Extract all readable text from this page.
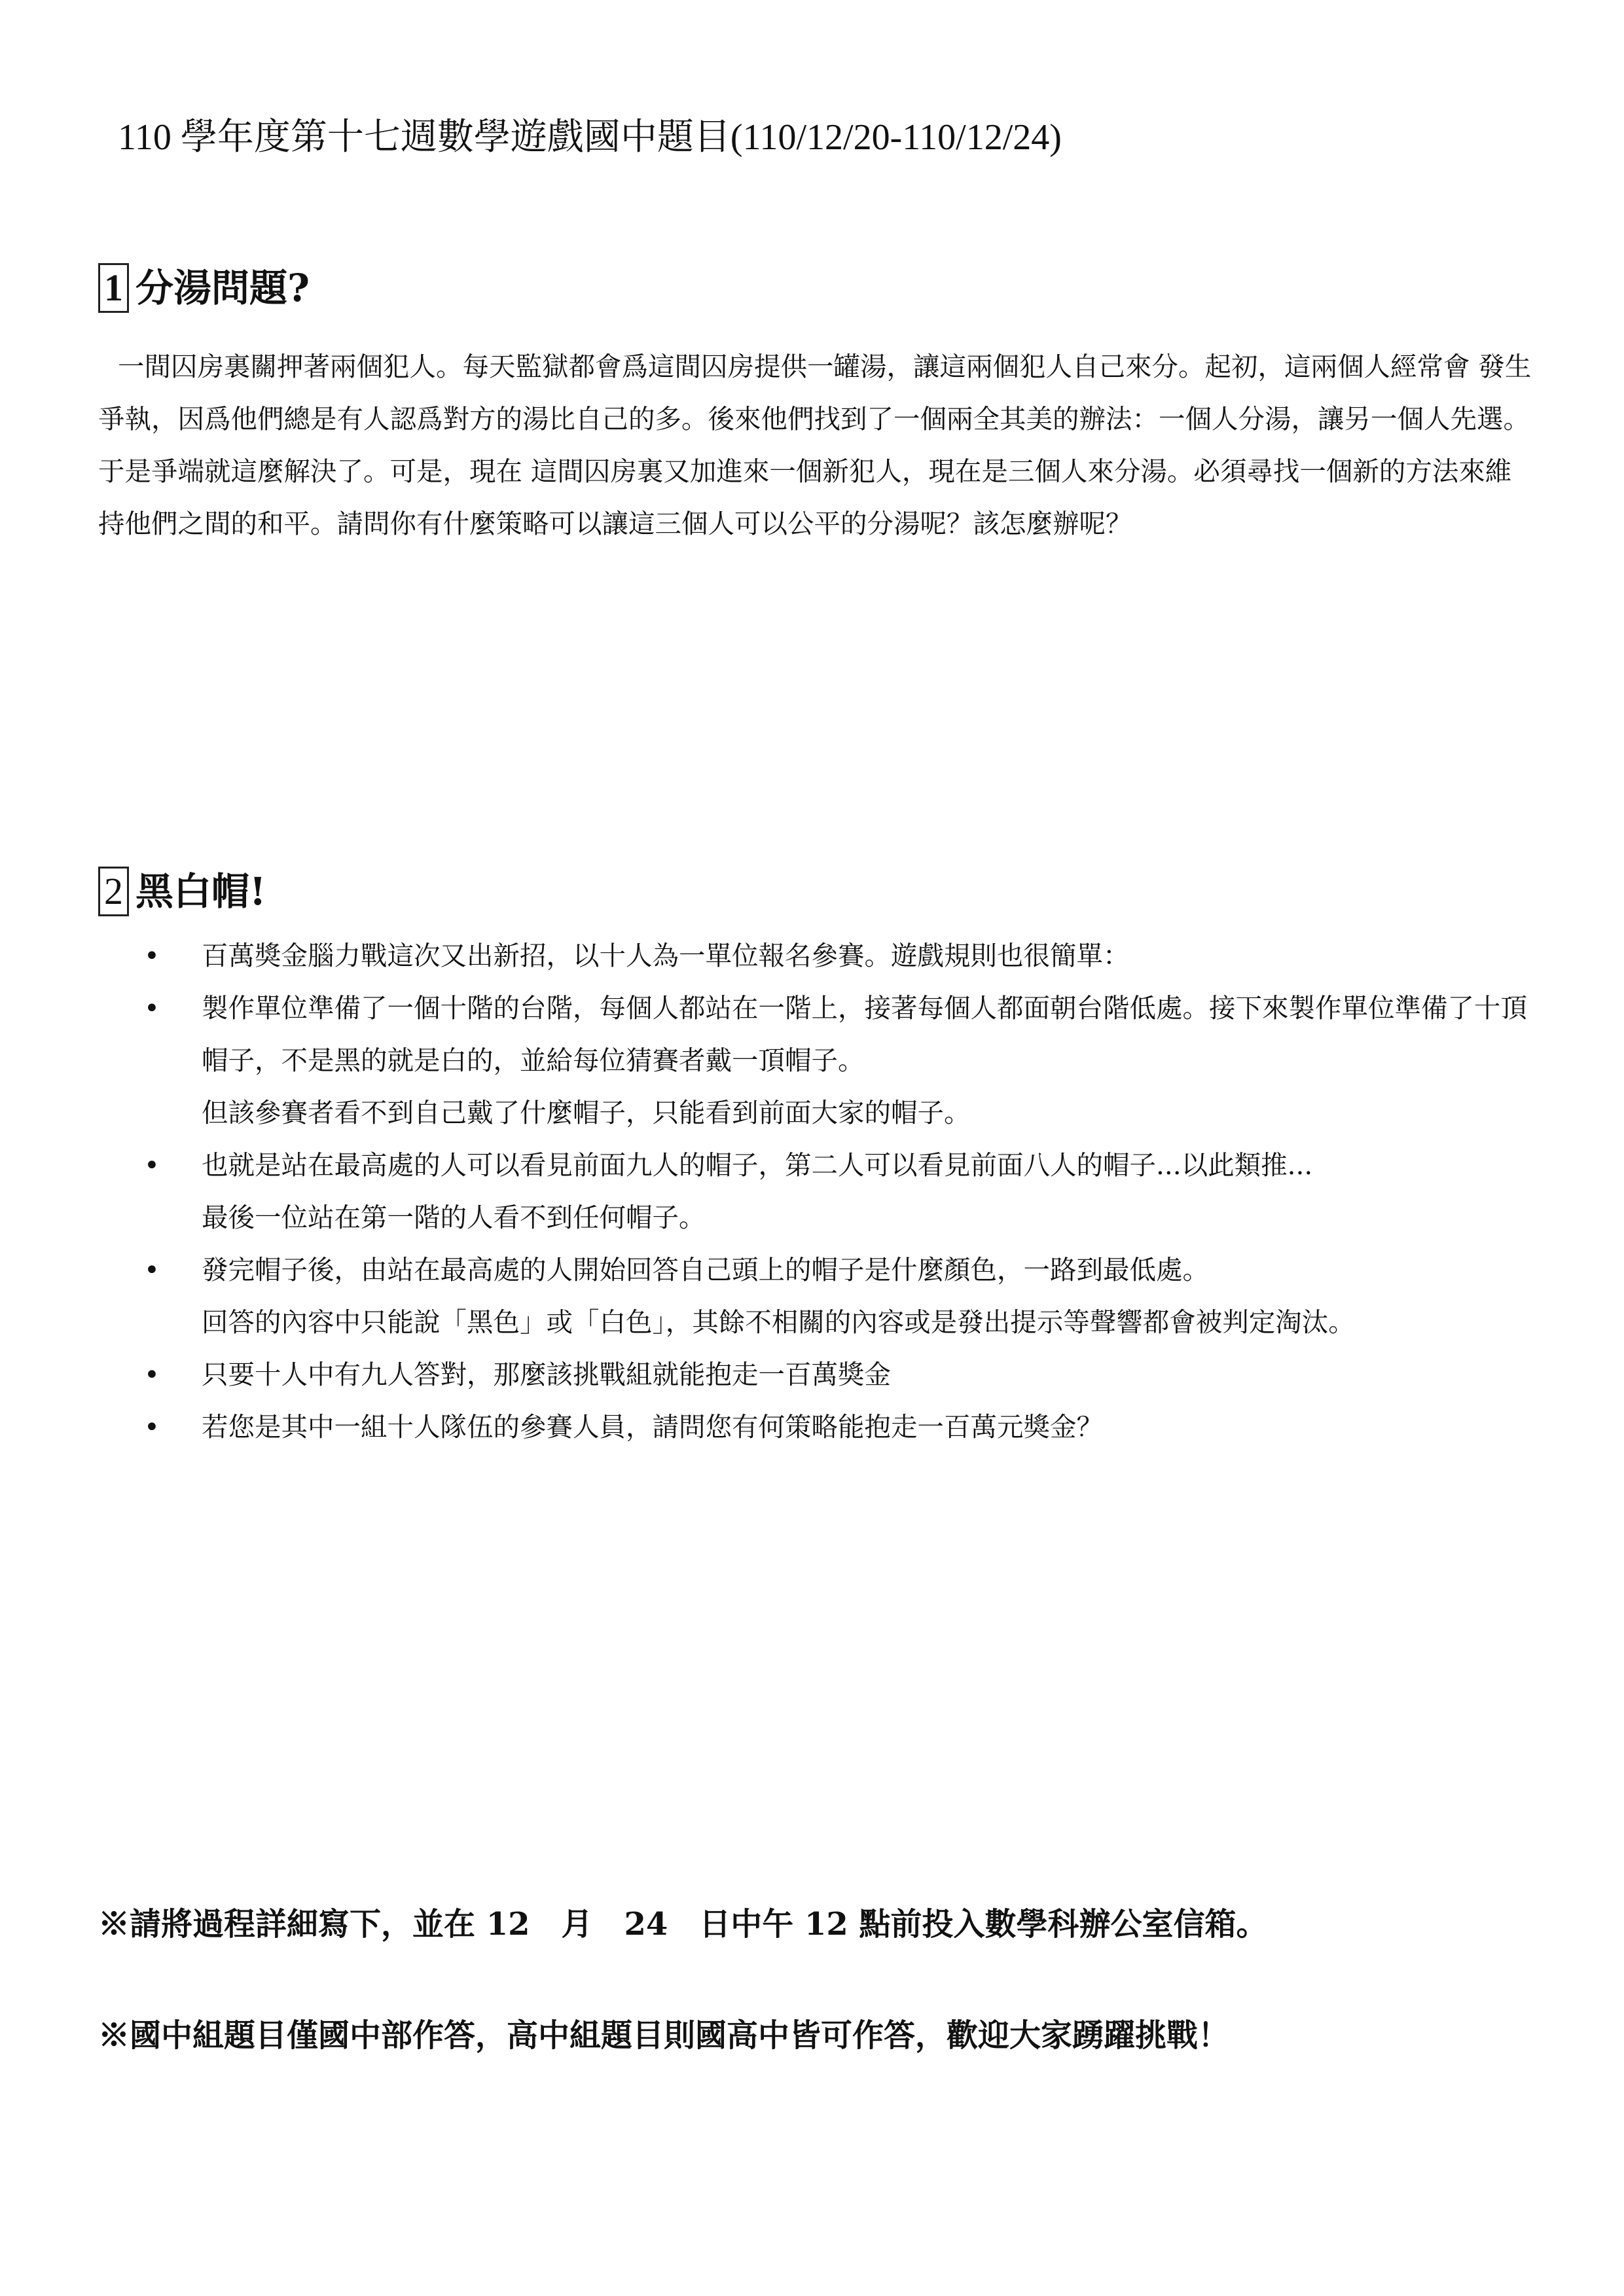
110 學年度第十七週數學遊戲國中題目(110/12/20-110/12/24)
1 分湯問題?
一間囚房裏關押著兩個犯人。每天監獄都會爲這間囚房提供一罐湯，讓這兩個犯人自己來分。起初，這兩個人經常會 發生爭執，因爲他們總是有人認爲對方的湯比自己的多。後來他們找到了一個兩全其美的辦法：一個人分湯，讓另一個人先選。于是爭端就這麼解決了。可是，現在 這間囚房裏又加進來一個新犯人，現在是三個人來分湯。必須尋找一個新的方法來維持他們之間的和平。請問你有什麼策略可以讓這三個人可以公平的分湯呢？該怎麼辦呢？
2 黑白帽!
• 百萬獎金腦力戰這次又出新招，以十人為一單位報名參賽。遊戲規則也很簡單：
• 製作單位準備了一個十階的台階，每個人都站在一階上，接著每個人都面朝台階低處。接下來製作單位準備了十頂帽子，不是黑的就是白的，並給每位猜賽者戴一頂帽子。
但該參賽者看不到自己戴了什麼帽子，只能看到前面大家的帽子。
• 也就是站在最高處的人可以看見前面九人的帽子，第二人可以看見前面八人的帽子...以此類推...
最後一位站在第一階的人看不到任何帽子。
• 發完帽子後，由站在最高處的人開始回答自己頭上的帽子是什麼顏色，一路到最低處。
回答的內容中只能說「黑色」或「白色」，其餘不相關的內容或是發出提示等聲響都會被判定淘汰。
• 只要十人中有九人答對，那麼該挑戰組就能抱走一百萬獎金
• 若您是其中一組十人隊伍的參賽人員，請問您有何策略能抱走一百萬元獎金？
※請將過程詳細寫下，並在 12　月　24　日中午 12 點前投入數學科辦公室信箱。
※國中組題目僅國中部作答，高中組題目則國高中皆可作答，歡迎大家踴躍挑戰！
